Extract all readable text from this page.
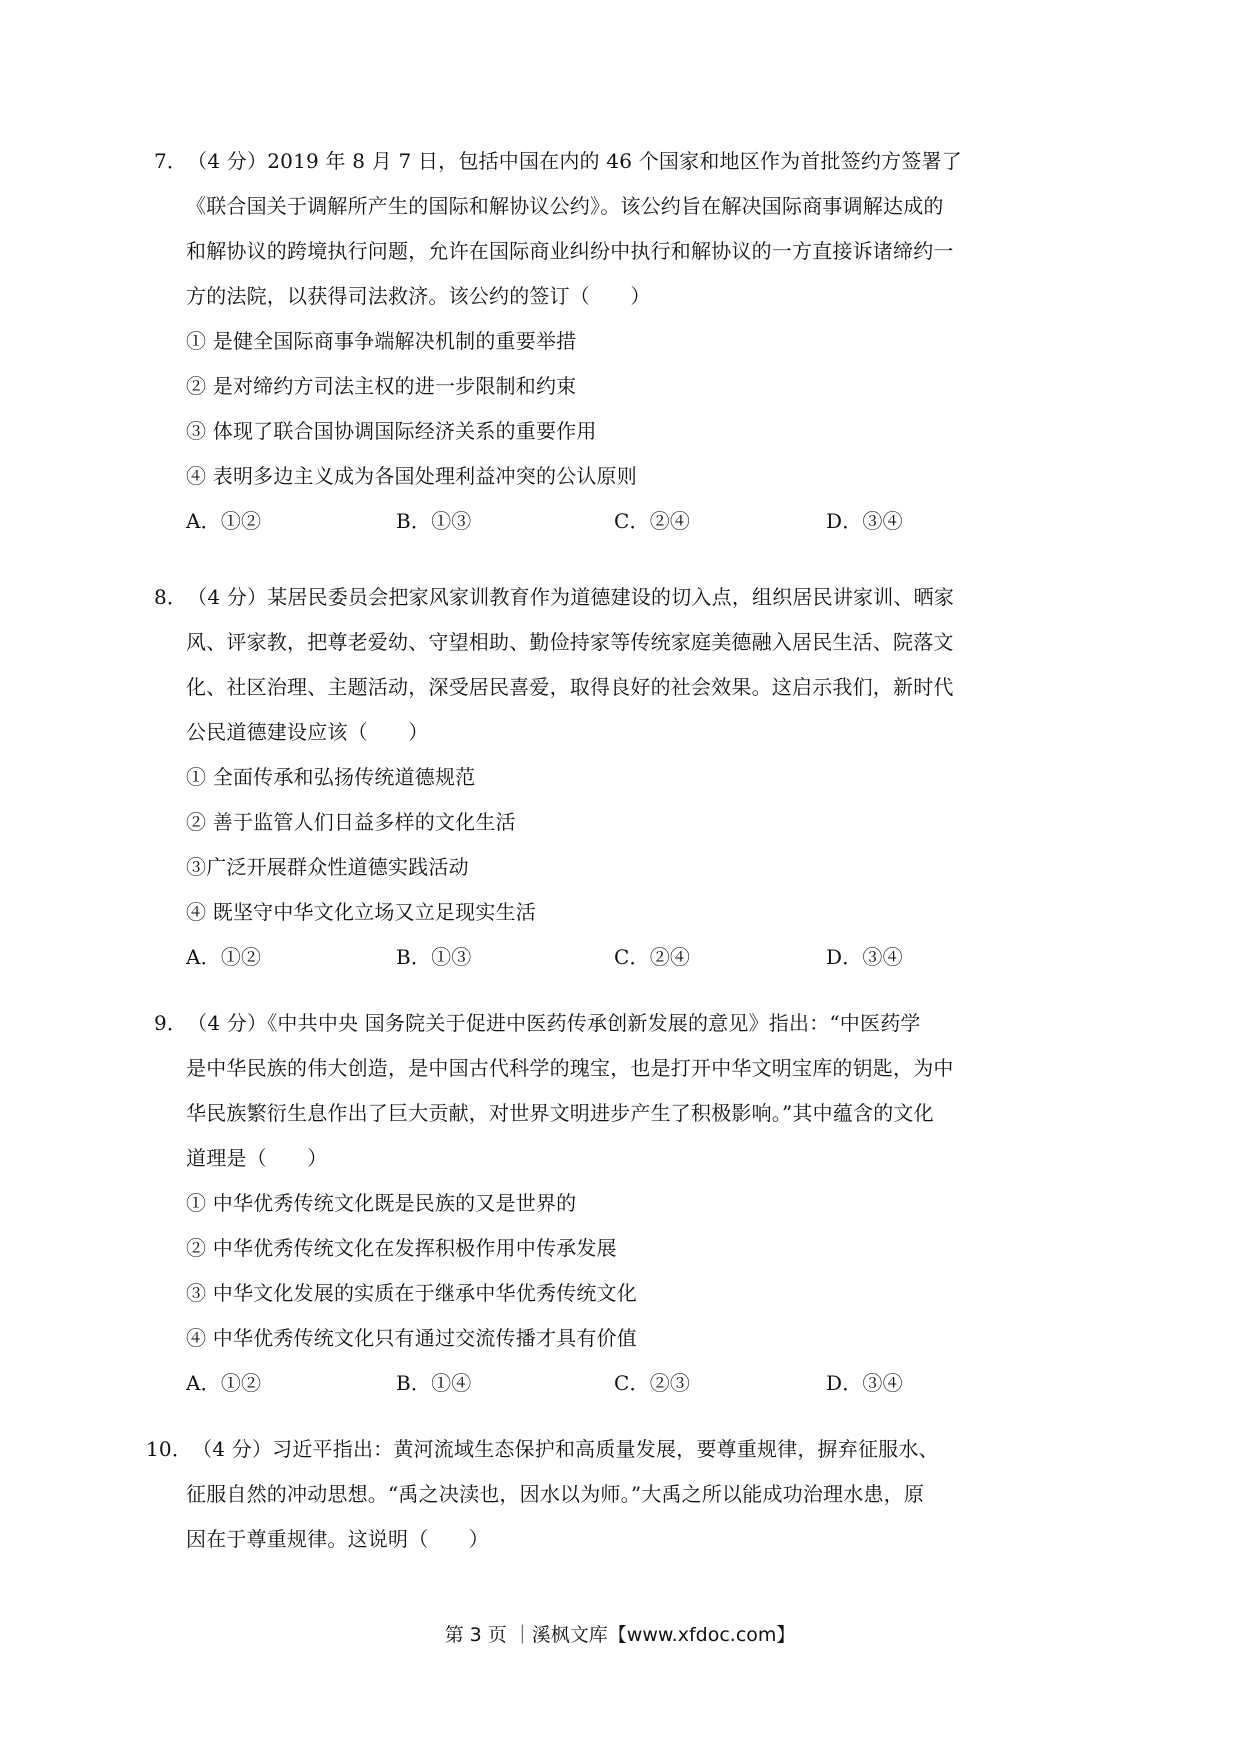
7．（4 分）2019 年 8 月 7 日，包括中国在内的 46 个国家和地区作为首批签约方签署了
《联合国关于调解所产生的国际和解协议公约》。该公约旨在解决国际商事调解达成的
和解协议的跨境执行问题，允许在国际商业纠纷中执行和解协议的一方直接诉诸缔约一
方的法院，以获得司法救济。该公约的签订（　　）
① 是健全国际商事争端解决机制的重要举措
② 是对缔约方司法主权的进一步限制和约束
③ 体现了联合国协调国际经济关系的重要作用
④ 表明多边主义成为各国处理利益冲突的公认原则
A．①②	B．①③	C．②④	D．③④
8．（4 分）某居民委员会把家风家训教育作为道德建设的切入点，组织居民讲家训、晒家
风、评家教，把尊老爱幼、守望相助、勤俭持家等传统家庭美德融入居民生活、院落文
化、社区治理、主题活动，深受居民喜爱，取得良好的社会效果。这启示我们，新时代
公民道德建设应该（　　）
① 全面传承和弘扬传统道德规范
② 善于监管人们日益多样的文化生活
③广泛开展群众性道德实践活动
④ 既坚守中华文化立场又立足现实生活
A．①②	B．①③	C．②④	D．③④
9．（4 分）《中共中央 国务院关于促进中医药传承创新发展的意见》指出：“中医药学
是中华民族的伟大创造，是中国古代科学的瑰宝，也是打开中华文明宝库的钥匙，为中
华民族繁衍生息作出了巨大贡献，对世界文明进步产生了积极影响。”其中蕴含的文化
道理是（　　）
① 中华优秀传统文化既是民族的又是世界的
② 中华优秀传统文化在发挥积极作用中传承发展
③ 中华文化发展的实质在于继承中华优秀传统文化
④ 中华优秀传统文化只有通过交流传播才具有价值
A．①②	B．①④	C．②③	D．③④
10．（4 分）习近平指出：黄河流域生态保护和高质量发展，要尊重规律，摒弃征服水、
征服自然的冲动思想。“禹之决渎也，因水以为师。”大禹之所以能成功治理水患，原
因在于尊重规律。这说明（　　）
第 3 页 ｜溪枫文库【www.xfdoc.com】
